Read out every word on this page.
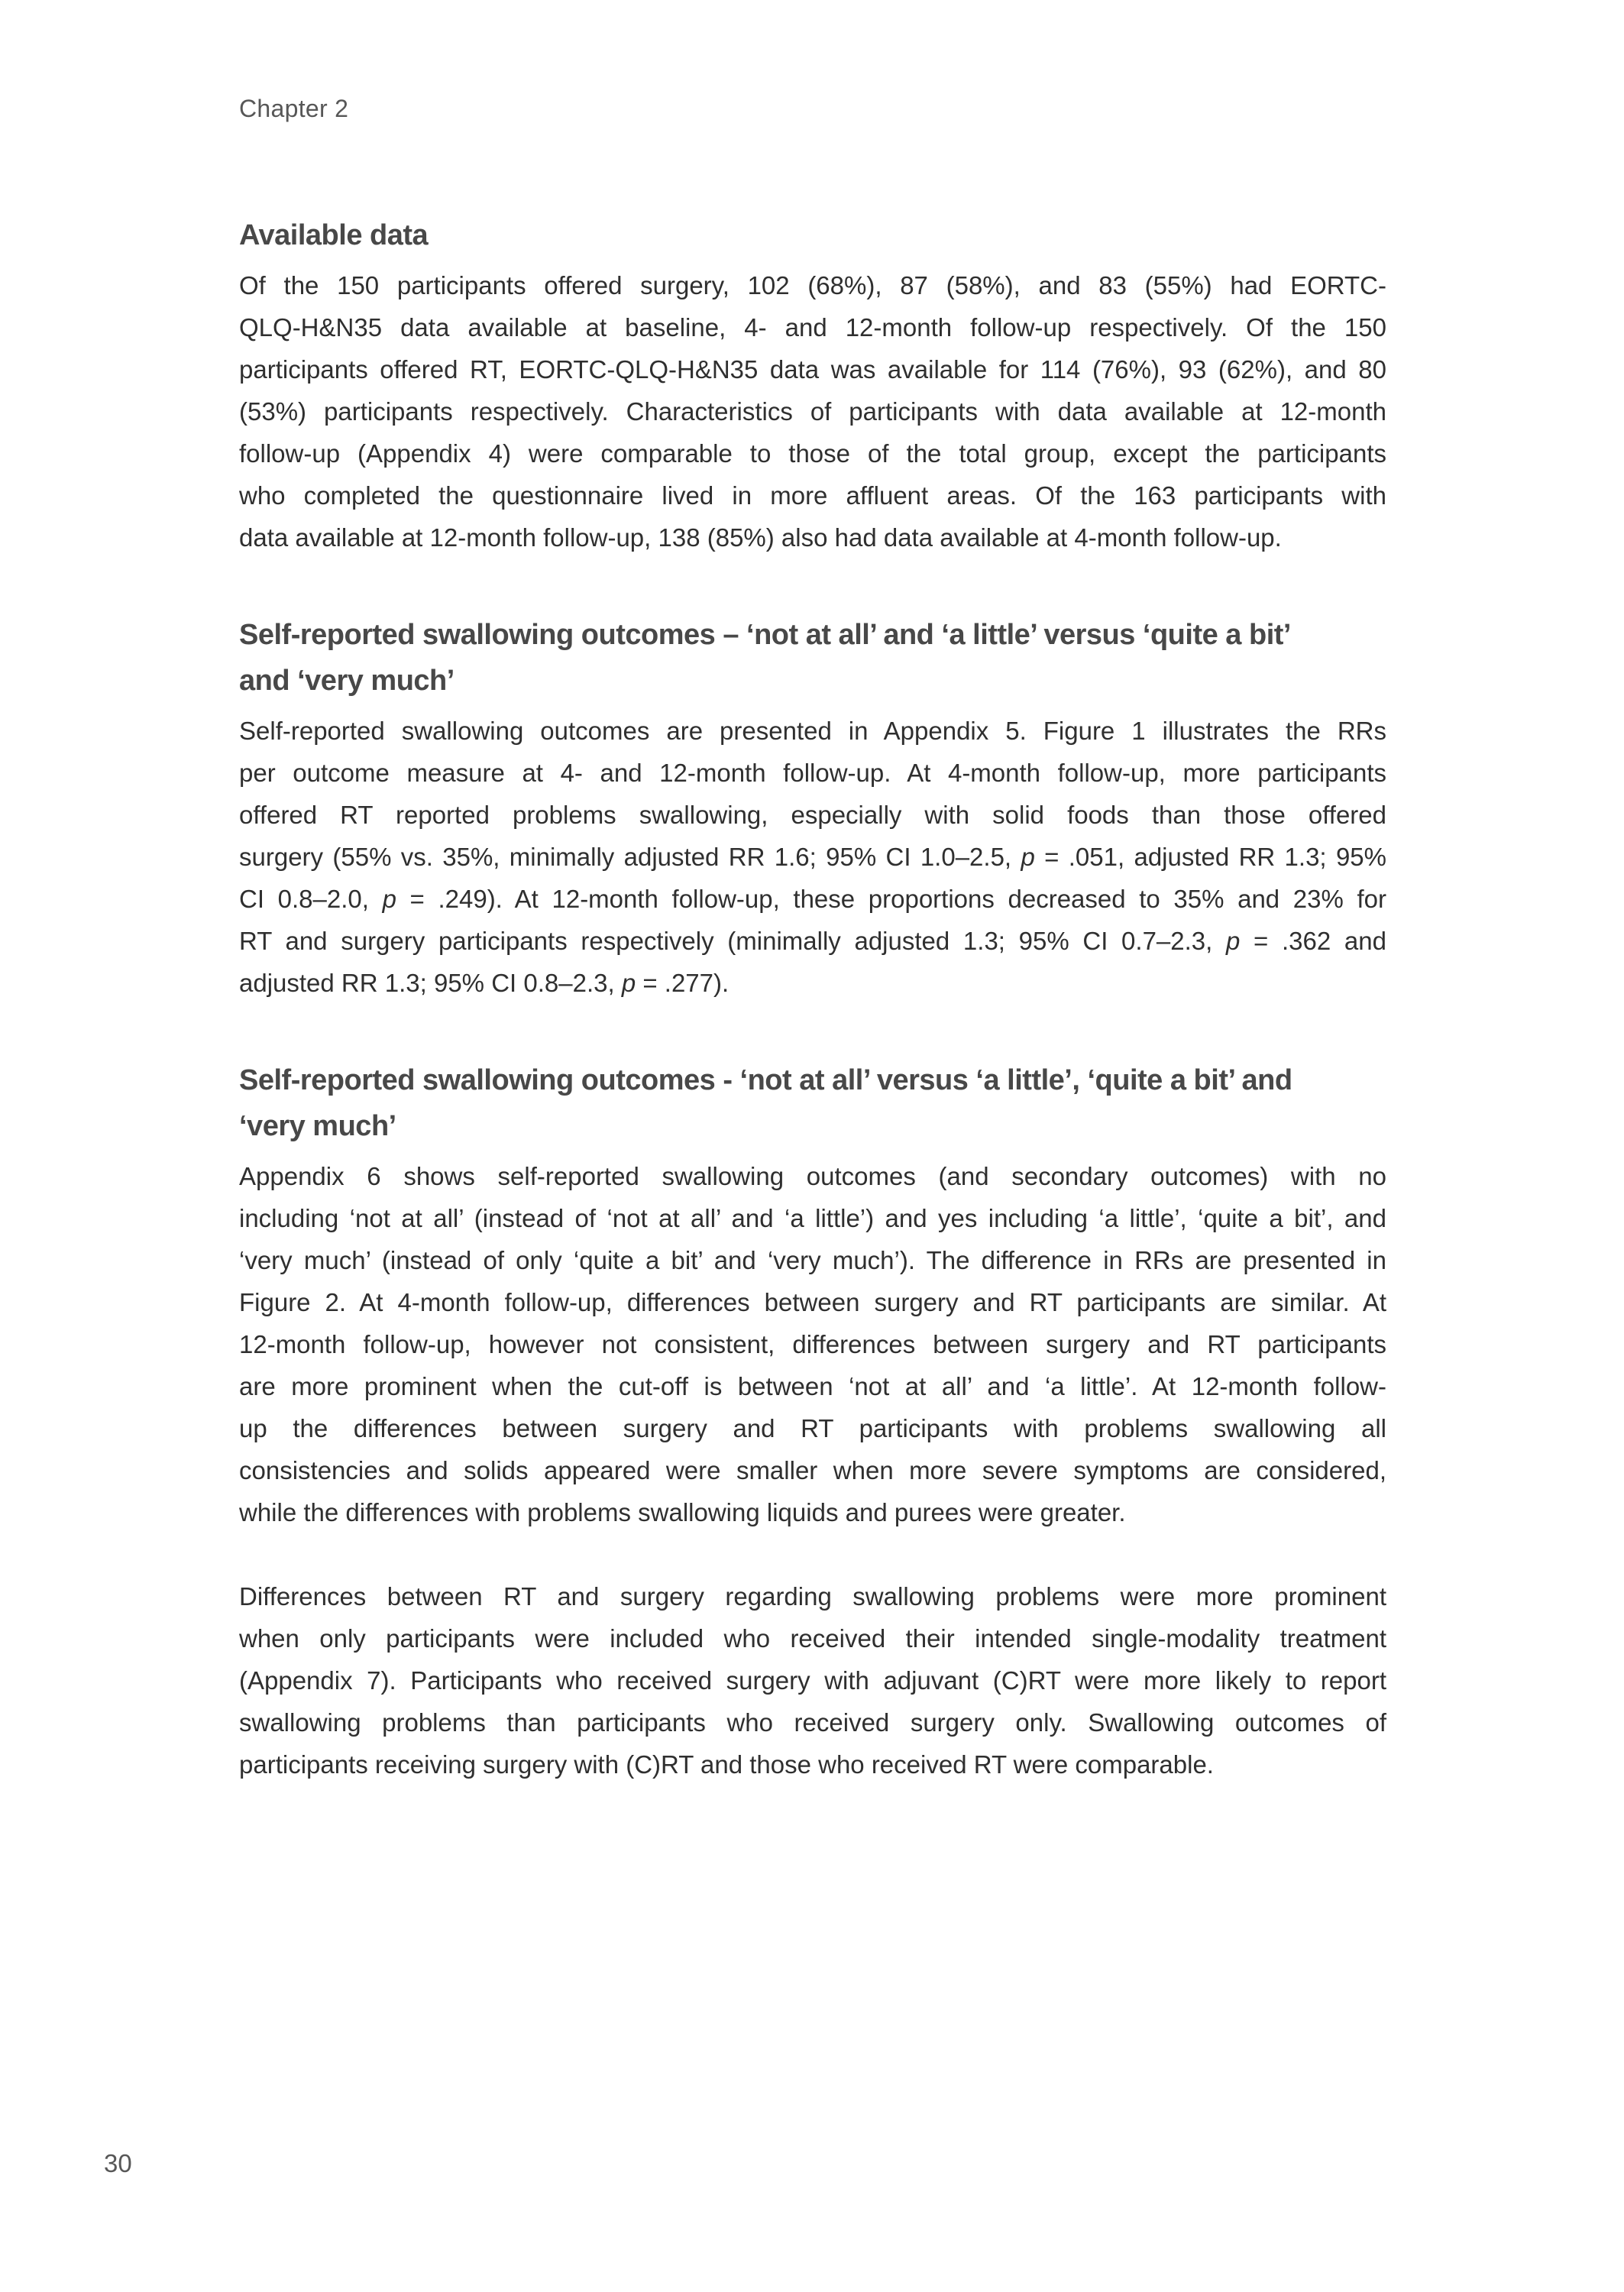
Chapter 2
Available data
Of the 150 participants offered surgery, 102 (68%), 87 (58%), and 83 (55%) had EORTC-
QLQ-H&N35 data available at baseline, 4- and 12-month follow-up respectively. Of the 150
participants offered RT, EORTC-QLQ-H&N35 data was available for 114 (76%), 93 (62%), and 80
(53%) participants respectively. Characteristics of participants with data available at 12-month
follow-up (Appendix 4) were comparable to those of the total group, except the participants
who completed the questionnaire lived in more affluent areas. Of the 163 participants with
data available at 12-month follow-up, 138 (85%) also had data available at 4-month follow-up.
Self-reported swallowing outcomes – ‘not at all’ and ‘a little’ versus ‘quite a bit’
and ‘very much’
Self-reported swallowing outcomes are presented in Appendix 5. Figure 1 illustrates the RRs
per outcome measure at 4- and 12-month follow-up. At 4-month follow-up, more participants
offered RT reported problems swallowing, especially with solid foods than those offered
surgery (55% vs. 35%, minimally adjusted RR 1.6; 95% CI 1.0–2.5, p = .051, adjusted RR 1.3; 95%
CI 0.8–2.0, p = .249). At 12-month follow-up, these proportions decreased to 35% and 23% for
RT and surgery participants respectively (minimally adjusted 1.3; 95% CI 0.7–2.3, p = .362 and
adjusted RR 1.3; 95% CI 0.8–2.3, p = .277).
Self-reported swallowing outcomes - ‘not at all’ versus ‘a little’, ‘quite a bit’ and
‘very much’
Appendix 6 shows self-reported swallowing outcomes (and secondary outcomes) with no
including ‘not at all’ (instead of ‘not at all’ and ‘a little’) and yes including ‘a little’, ‘quite a bit’, and
‘very much’ (instead of only ‘quite a bit’ and ‘very much’). The difference in RRs are presented in
Figure 2. At 4-month follow-up, differences between surgery and RT participants are similar. At
12-month follow-up, however not consistent, differences between surgery and RT participants
are more prominent when the cut-off is between ‘not at all’ and ‘a little’. At 12-month follow-
up the differences between surgery and RT participants with problems swallowing all
consistencies and solids appeared were smaller when more severe symptoms are considered,
while the differences with problems swallowing liquids and purees were greater.
Differences between RT and surgery regarding swallowing problems were more prominent
when only participants were included who received their intended single-modality treatment
(Appendix 7). Participants who received surgery with adjuvant (C)RT were more likely to report
swallowing problems than participants who received surgery only. Swallowing outcomes of
participants receiving surgery with (C)RT and those who received RT were comparable.
30
